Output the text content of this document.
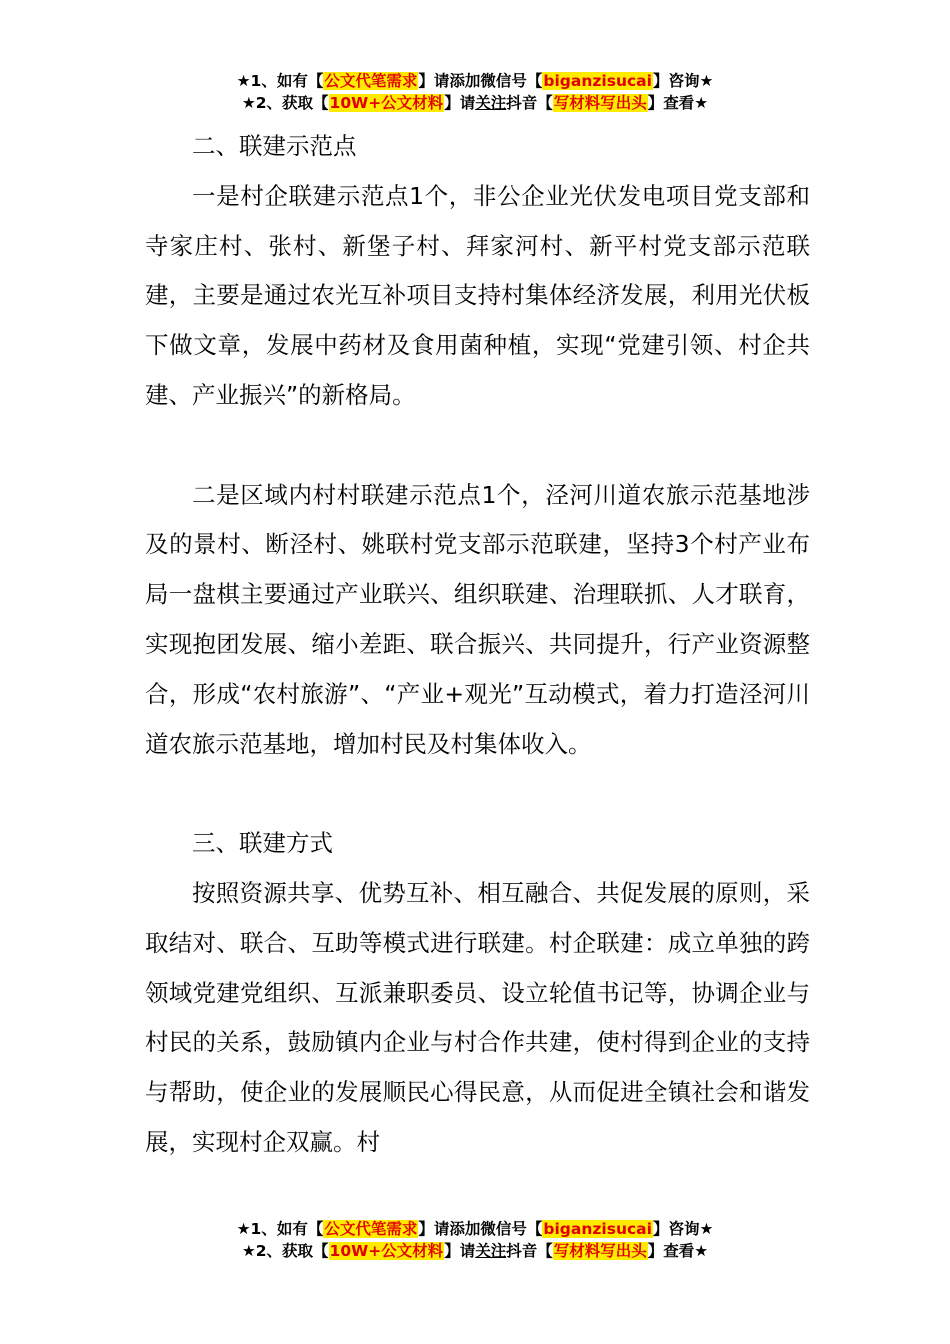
★1、如有【公文代笔需求】请添加微信号【biganzisucai】咨询★
★2、获取【10W+公文材料】请关注抖音【写材料写出头】查看★

二、联建示范点

一是村企联建示范点1个，非公企业光伏发电项目党支部和寺家庄村、张村、新堡子村、拜家河村、新平村党支部示范联建，主要是通过农光互补项目支持村集体经济发展，利用光伏板下做文章，发展中药材及食用菌种植，实现“党建引领、村企共建、产业振兴”的新格局。

二是区域内村村联建示范点1个，泾河川道农旅示范基地涉及的景村、断泾村、姚联村党支部示范联建，坚持3个村产业布局一盘棋主要通过产业联兴、组织联建、治理联抓、人才联育，实现抱团发展、缩小差距、联合振兴、共同提升，行产业资源整合，形成“农村旅游”、“产业+观光”互动模式，着力打造泾河川道农旅示范基地，增加村民及村集体收入。

三、联建方式

按照资源共享、优势互补、相互融合、共促发展的原则，采取结对、联合、互助等模式进行联建。村企联建：成立单独的跨领域党建党组织、互派兼职委员、设立轮值书记等，协调企业与村民的关系，鼓励镇内企业与村合作共建，使村得到企业的支持与帮助，使企业的发展顺民心得民意，从而促进全镇社会和谐发展，实现村企双赢。村

★1、如有【公文代笔需求】请添加微信号【biganzisucai】咨询★
★2、获取【10W+公文材料】请关注抖音【写材料写出头】查看★
